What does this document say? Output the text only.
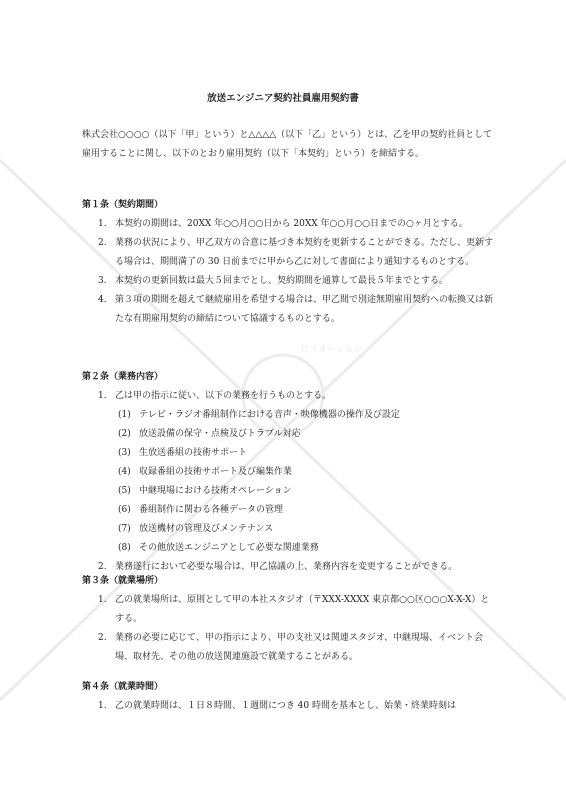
ビズオーション
放送エンジニア契約社員雇用契約書

株式会社○○○○（以下「甲」という）と△△△△（以下「乙」という）とは、乙を甲の契約社員として雇用することに関し、以下のとおり雇用契約（以下「本契約」という）を締結する。

第１条（契約期間）

1. 本契約の期間は、20XX 年○○月○○日から 20XX 年○○月○○日までの○ヶ月とする。
2. 業務の状況により、甲乙双方の合意に基づき本契約を更新することができる。ただし、更新する場合は、期間満了の 30 日前までに甲から乙に対して書面により通知するものとする。
3. 本契約の更新回数は最大５回までとし、契約期間を通算して最長５年までとする。
4. 第３項の期間を超えて継続雇用を希望する場合は、甲乙間で別途無期雇用契約への転換又は新たな有期雇用契約の締結について協議するものとする。

第２条（業務内容）

1. 乙は甲の指示に従い、以下の業務を行うものとする。
(1) テレビ・ラジオ番組制作における音声・映像機器の操作及び設定
(2) 放送設備の保守・点検及びトラブル対応
(3) 生放送番組の技術サポート
(4) 収録番組の技術サポート及び編集作業
(5) 中継現場における技術オペレーション
(6) 番組制作に関わる各種データの管理
(7) 放送機材の管理及びメンテナンス
(8) その他放送エンジニアとして必要な関連業務
2. 業務遂行において必要な場合は、甲乙協議の上、業務内容を変更することができる。

第３条（就業場所）

1. 乙の就業場所は、原則として甲の本社スタジオ（〒XXX-XXXX 東京都○○区○○○X-X-X）とする。
2. 業務の必要に応じて、甲の指示により、甲の支社又は関連スタジオ、中継現場、イベント会場、取材先、その他の放送関連施設で就業することがある。

第４条（就業時間）

1. 乙の就業時間は、１日８時間、１週間につき 40 時間を基本とし、始業・終業時刻は
